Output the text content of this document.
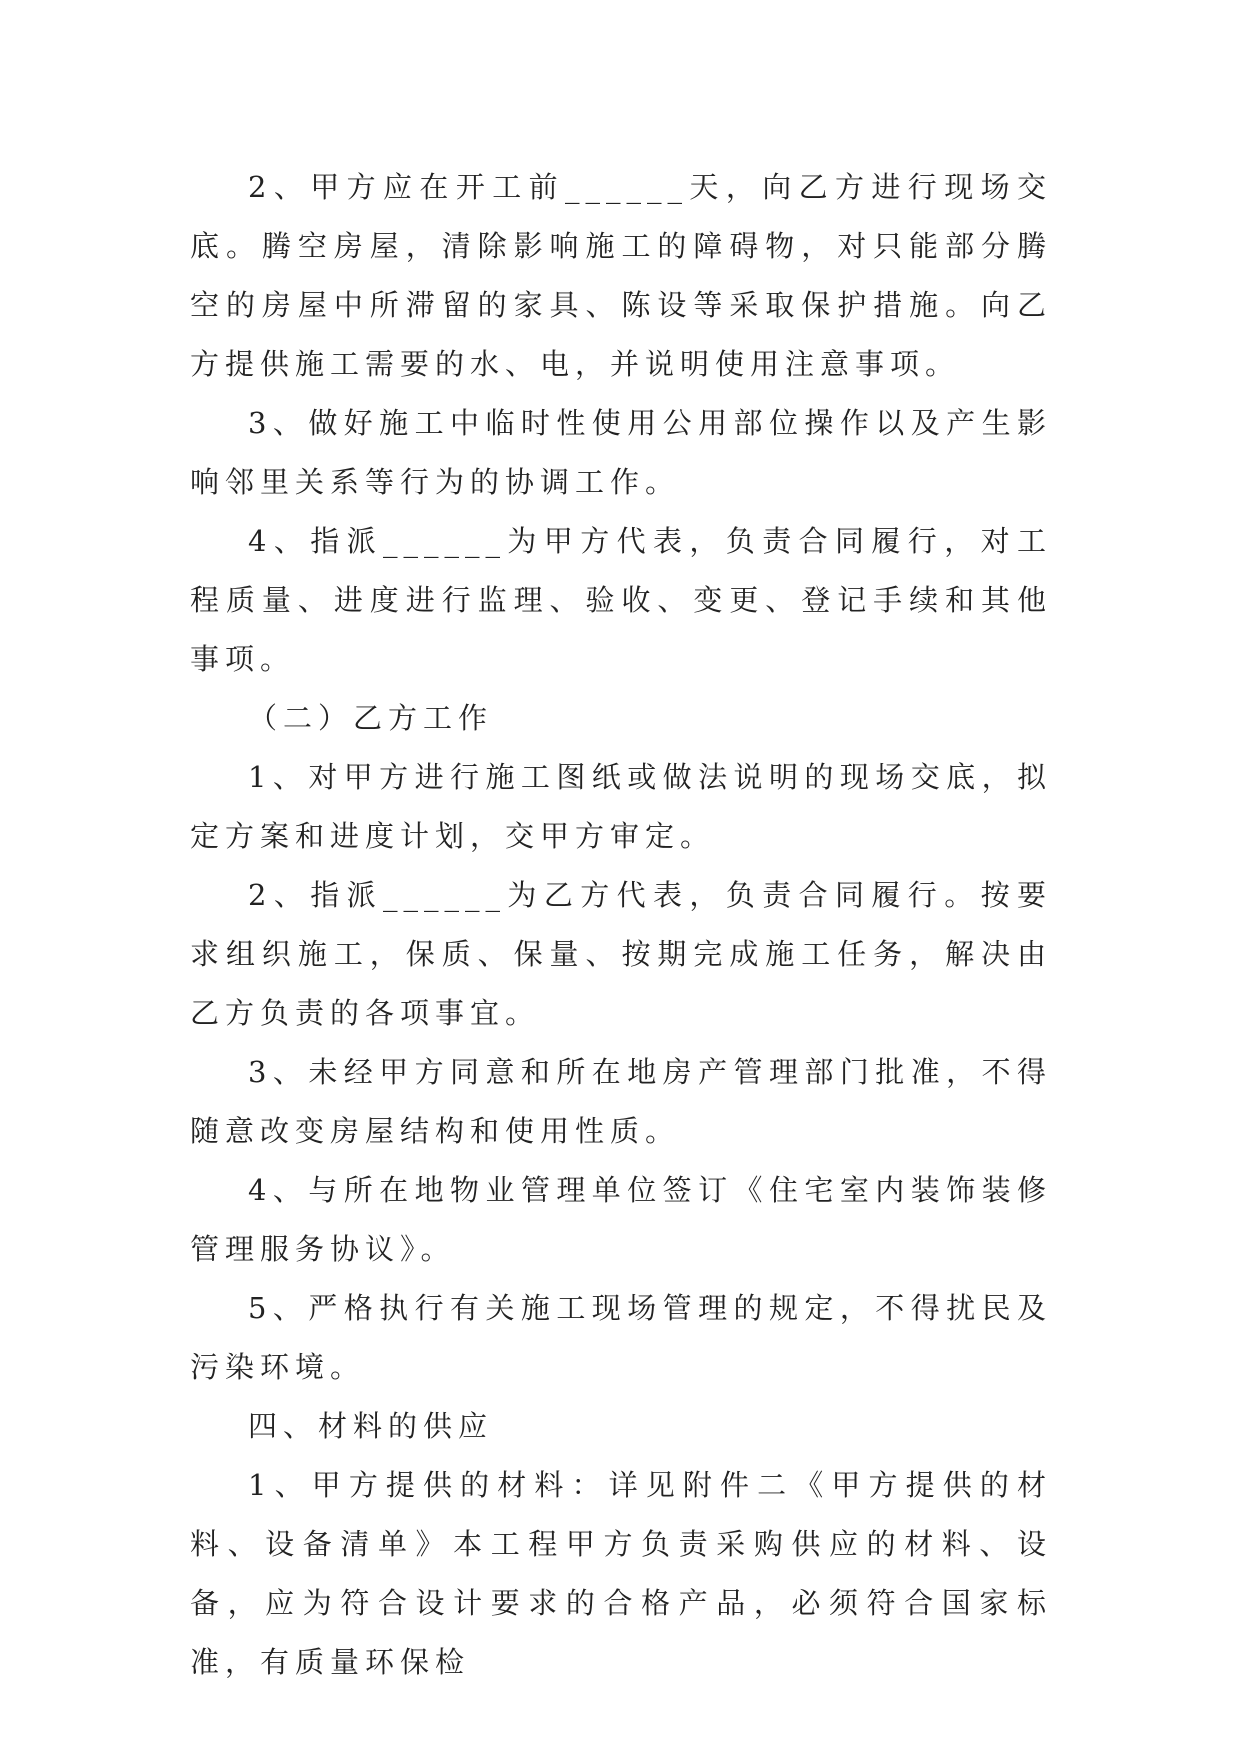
2、甲方应在开工前______天，向乙方进行现场交底。腾空房屋，清除影响施工的障碍物，对只能部分腾空的房屋中所滞留的家具、陈设等采取保护措施。向乙方提供施工需要的水、电，并说明使用注意事项。

3、做好施工中临时性使用公用部位操作以及产生影响邻里关系等行为的协调工作。

4、指派______为甲方代表，负责合同履行，对工程质量、进度进行监理、验收、变更、登记手续和其他事项。

（二）乙方工作

1、对甲方进行施工图纸或做法说明的现场交底，拟定方案和进度计划，交甲方审定。

2、指派______为乙方代表，负责合同履行。按要求组织施工，保质、保量、按期完成施工任务，解决由乙方负责的各项事宜。

3、未经甲方同意和所在地房产管理部门批准，不得随意改变房屋结构和使用性质。

4、与所在地物业管理单位签订《住宅室内装饰装修管理服务协议》。

5、严格执行有关施工现场管理的规定，不得扰民及污染环境。

四、材料的供应

1、甲方提供的材料：详见附件二《甲方提供的材料、设备清单》本工程甲方负责采购供应的材料、设备，应为符合设计要求的合格产品，必须符合国家标准，有质量环保检
